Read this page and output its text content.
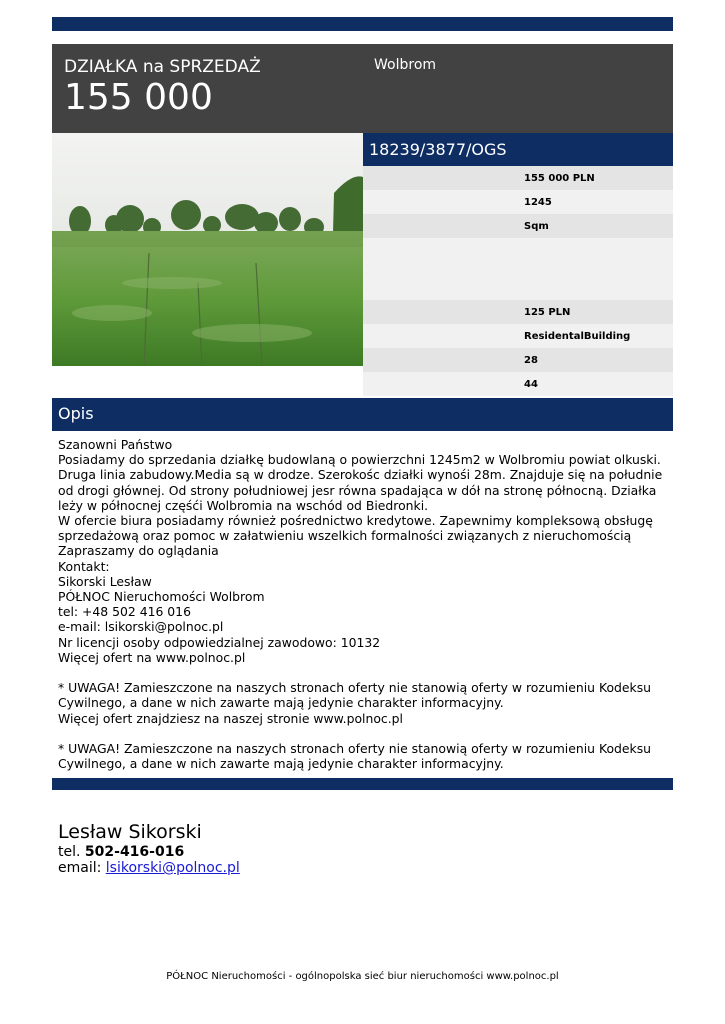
DZIAŁKA na SPRZEDAŻ
155 000
Wolbrom
18239/3877/OGS
155 000 PLN
1245
Sqm
125 PLN
ResidentalBuilding
28
44
Opis
Szanowni Państwo
Posiadamy do sprzedania działkę budowlaną o powierzchni 1245m2 w Wolbromiu powiat olkuski.
Druga linia zabudowy.Media są w drodze. Szerokośc działki wynośi 28m. Znajduje się na południe
od drogi głównej. Od strony południowej jesr równa spadająca w dół na stronę północną. Działka
leży w północnej częśći Wolbromia na wschód od Biedronki.
W ofercie biura posiadamy również pośrednictwo kredytowe. Zapewnimy kompleksową obsługę
sprzedażową oraz pomoc w załatwieniu wszelkich formalności związanych z nieruchomością
Zapraszamy do oglądania
Kontakt:
Sikorski Lesław
PÓŁNOC Nieruchomości Wolbrom
tel: +48 502 416 016
e-mail: lsikorski@polnoc.pl
Nr licencji osoby odpowiedzialnej zawodowo: 10132
Więcej ofert na www.polnoc.pl
* UWAGA! Zamieszczone na naszych stronach oferty nie stanowią oferty w rozumieniu Kodeksu
Cywilnego, a dane w nich zawarte mają jedynie charakter informacyjny.
Więcej ofert znajdziesz na naszej stronie www.polnoc.pl
* UWAGA! Zamieszczone na naszych stronach oferty nie stanowią oferty w rozumieniu Kodeksu
Cywilnego, a dane w nich zawarte mają jedynie charakter informacyjny.
Lesław Sikorski
tel. 502-416-016
email: lsikorski@polnoc.pl
PÓŁNOC Nieruchomości - ogólnopolska sieć biur nieruchomości www.polnoc.pl
